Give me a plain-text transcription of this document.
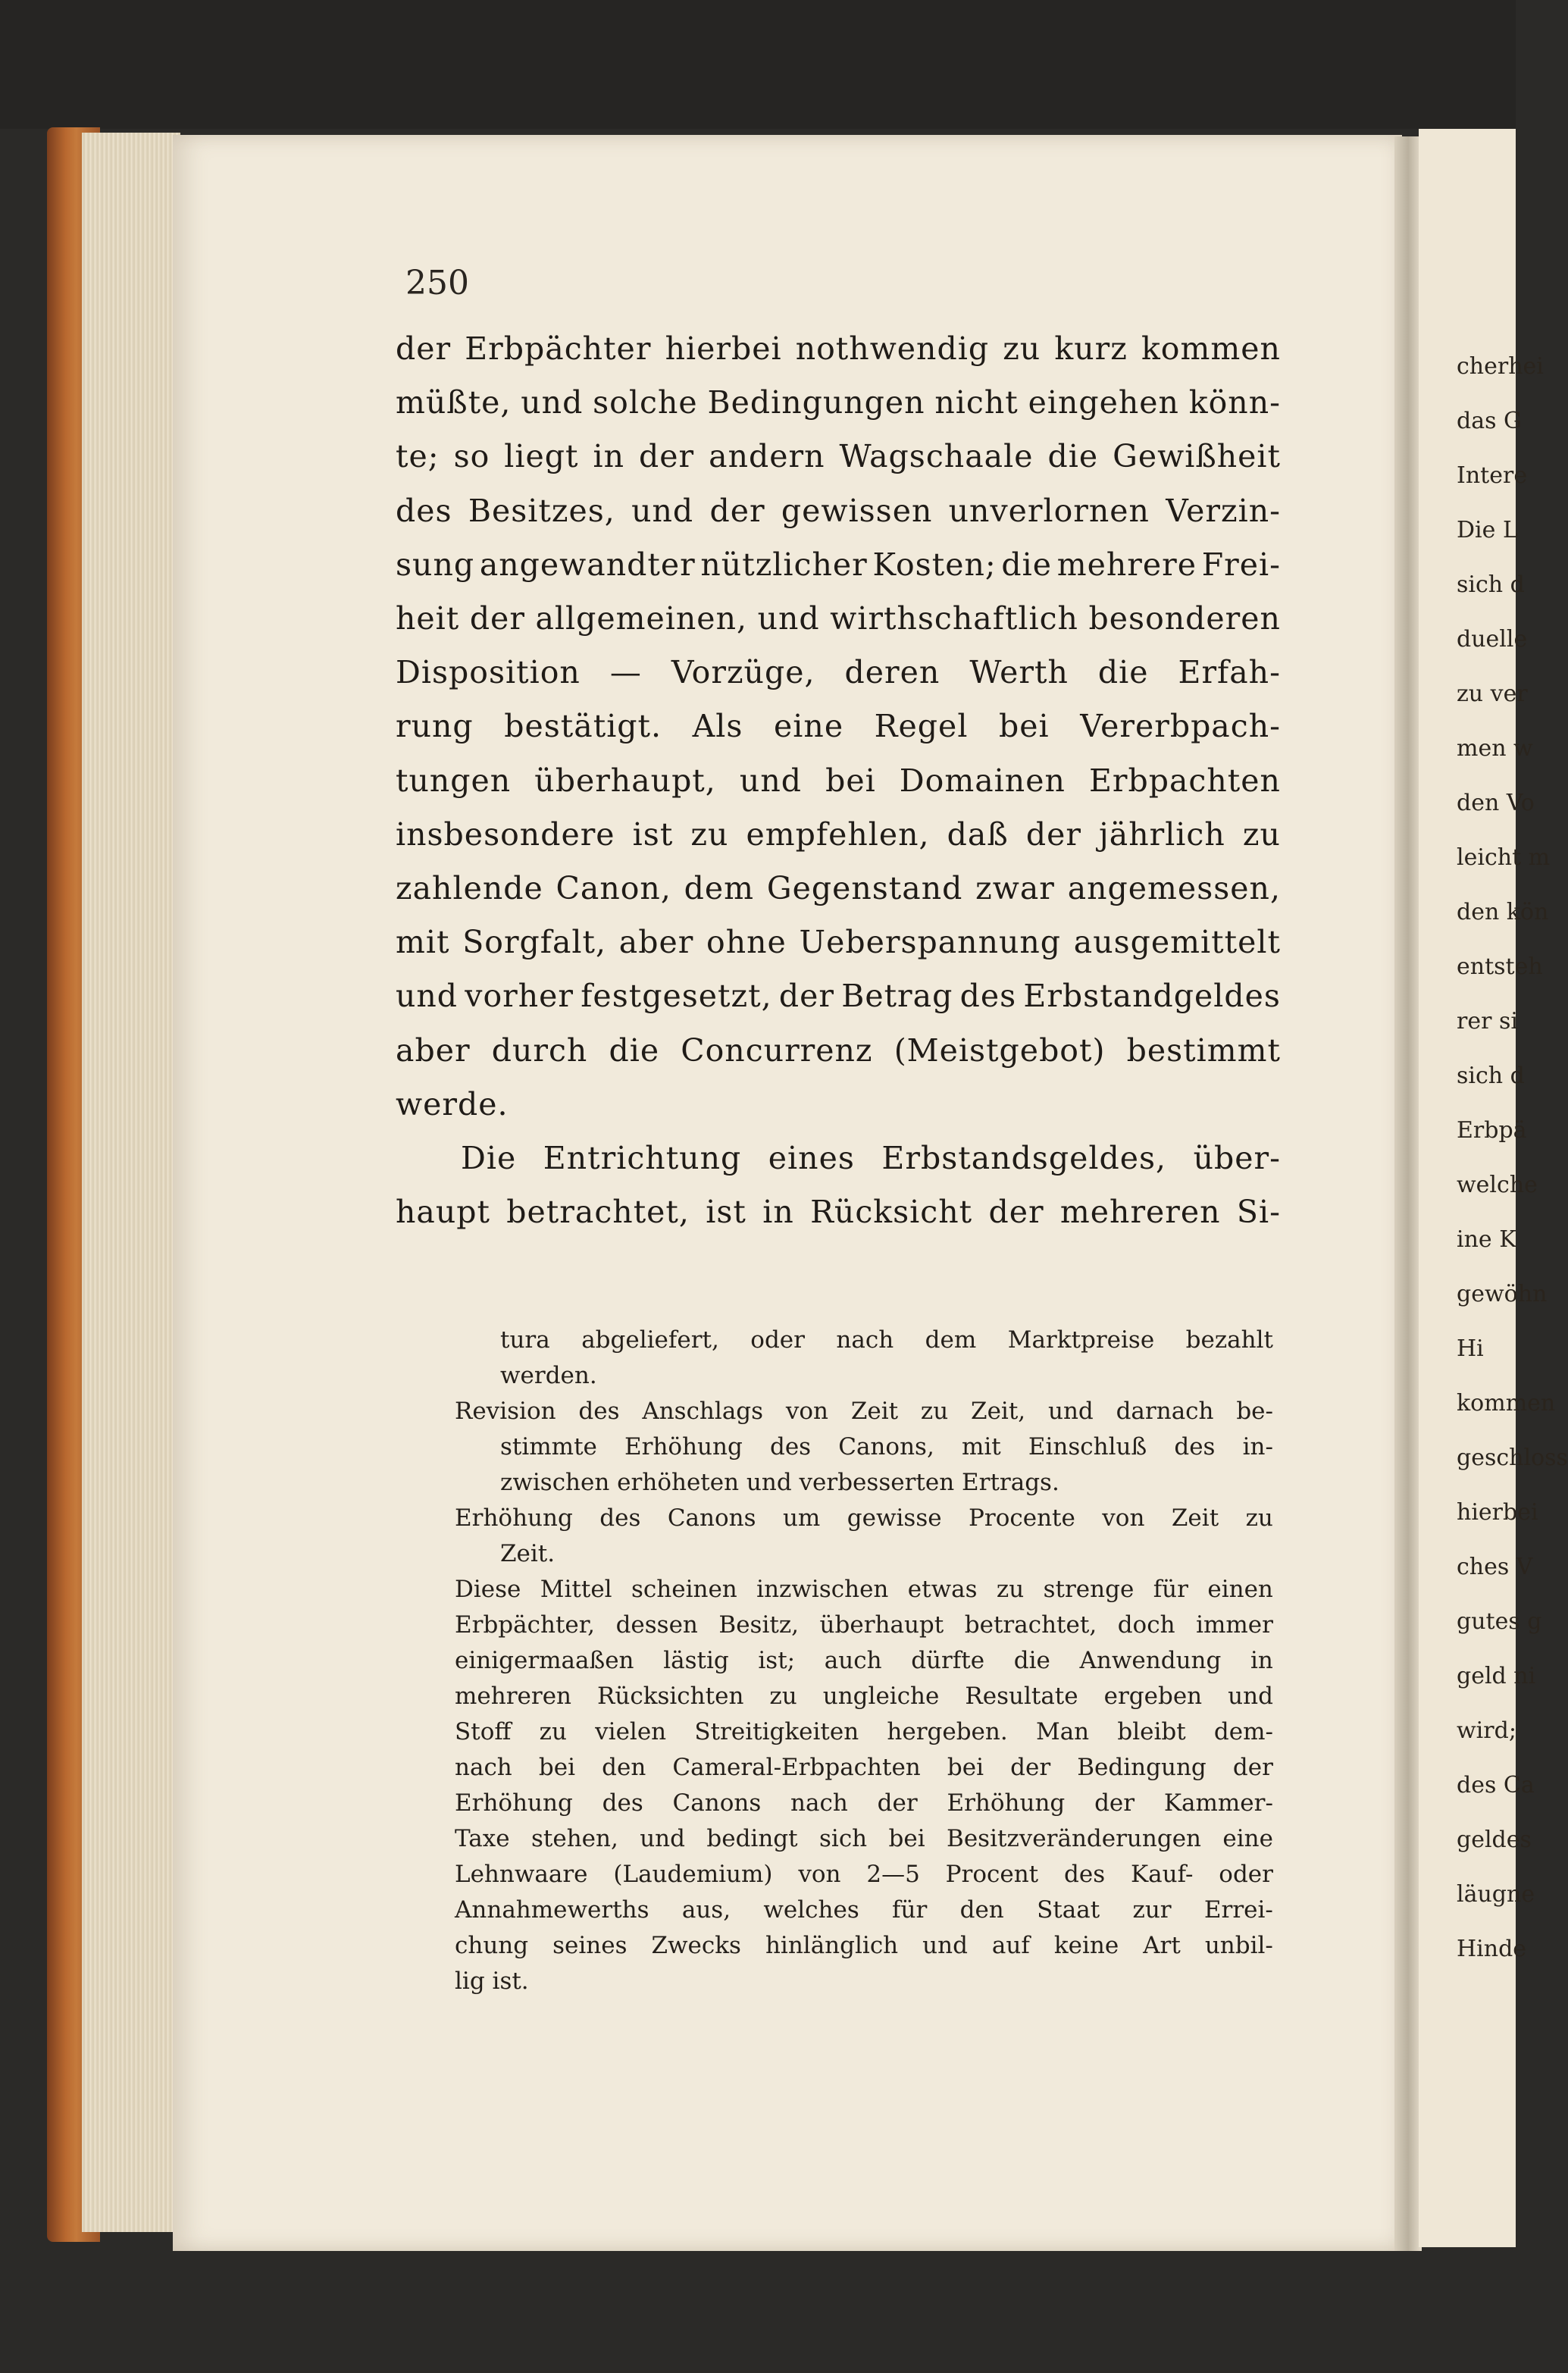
250
der Erbpächter hierbei nothwendig zu kurz kommen
müßte, und solche Bedingungen nicht eingehen könn-
te; so liegt in der andern Wagschaale die Gewißheit
des Besitzes, und der gewissen unverlornen Verzin-
sung angewandter nützlicher Kosten; die mehrere Frei-
heit der allgemeinen, und wirthschaftlich besonderen
Disposition — Vorzüge, deren Werth die Erfah-
rung bestätigt. Als eine Regel bei Vererbpach-
tungen überhaupt, und bei Domainen Erbpachten
insbesondere ist zu empfehlen, daß der jährlich zu
zahlende Canon, dem Gegenstand zwar angemessen,
mit Sorgfalt, aber ohne Ueberspannung ausgemittelt
und vorher festgesetzt, der Betrag des Erbstandgeldes
aber durch die Concurrenz (Meistgebot) bestimmt
werde.
Die Entrichtung eines Erbstandsgeldes, über-
haupt betrachtet, ist in Rücksicht der mehreren Si-
tura abgeliefert, oder nach dem Marktpreise bezahlt
werden.
Revision des Anschlags von Zeit zu Zeit, und darnach be-
stimmte Erhöhung des Canons, mit Einschluß des in-
zwischen erhöheten und verbesserten Ertrags.
Erhöhung des Canons um gewisse Procente von Zeit zu
Zeit.
Diese Mittel scheinen inzwischen etwas zu strenge für einen
Erbpächter, dessen Besitz, überhaupt betrachtet, doch immer
einigermaaßen lästig ist; auch dürfte die Anwendung in
mehreren Rücksichten zu ungleiche Resultate ergeben und
Stoff zu vielen Streitigkeiten hergeben. Man bleibt dem-
nach bei den Cameral-Erbpachten bei der Bedingung der
Erhöhung des Canons nach der Erhöhung der Kammer-
Taxe stehen, und bedingt sich bei Besitzveränderungen eine
Lehnwaare (Laudemium) von 2—5 Procent des Kauf- oder
Annahmewerths aus, welches für den Staat zur Errei-
chung seines Zwecks hinlänglich und auf keine Art unbil-
lig ist.
cherhei
das G
Intere
Die L
sich d
duelle
zu ver
men w
den Vo
leicht m
den kön
entsteh
rer si
sich d
Erbpä
welche
ine K
gewöhn
Hi
kommen
geschloss
hierbei
ches V
gutes g
geld ni
wird;
des Ca
geldes
läugne
Hinde
